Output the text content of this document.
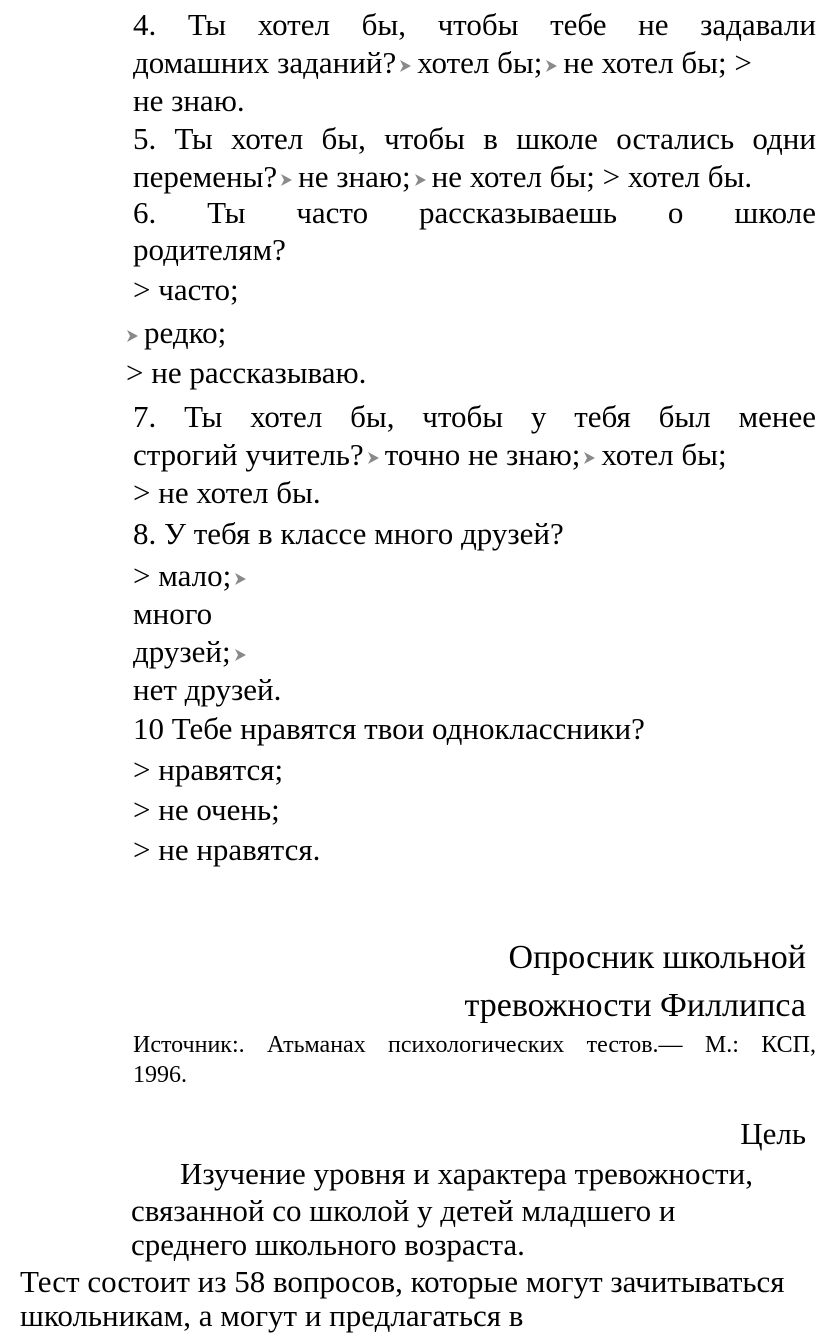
4. Ты хотел бы, чтобы тебе не задавали
домашних заданий? хотел бы; не хотел бы; >
не знаю.
5. Ты хотел бы, чтобы в школе остались одни
перемены? не знаю; не хотел бы; > хотел бы.
6. Ты часто рассказываешь о школе
родителям?
> часто;
редко;
> не рассказываю.
7. Ты хотел бы, чтобы у тебя был менее
строгий учитель? точно не знаю; хотел бы;
> не хотел бы.
8. У тебя в классе много друзей?
> мало;
много
друзей;
нет друзей.
10 Тебе нравятся твои одноклассники?
> нравятся;
> не очень;
> не нравятся.
Опросник школьной
тревожности Филлипса
Источник:. Атьманах психологических тестов.— М.: КСП,
1996.
Цель
Изучение уровня и характера тревожности,
связанной со школой у детей младшего и
среднего школьного возраста.
Тест состоит из 58 вопросов, которые могут зачитываться
школьникам, а могут и предлагаться в
